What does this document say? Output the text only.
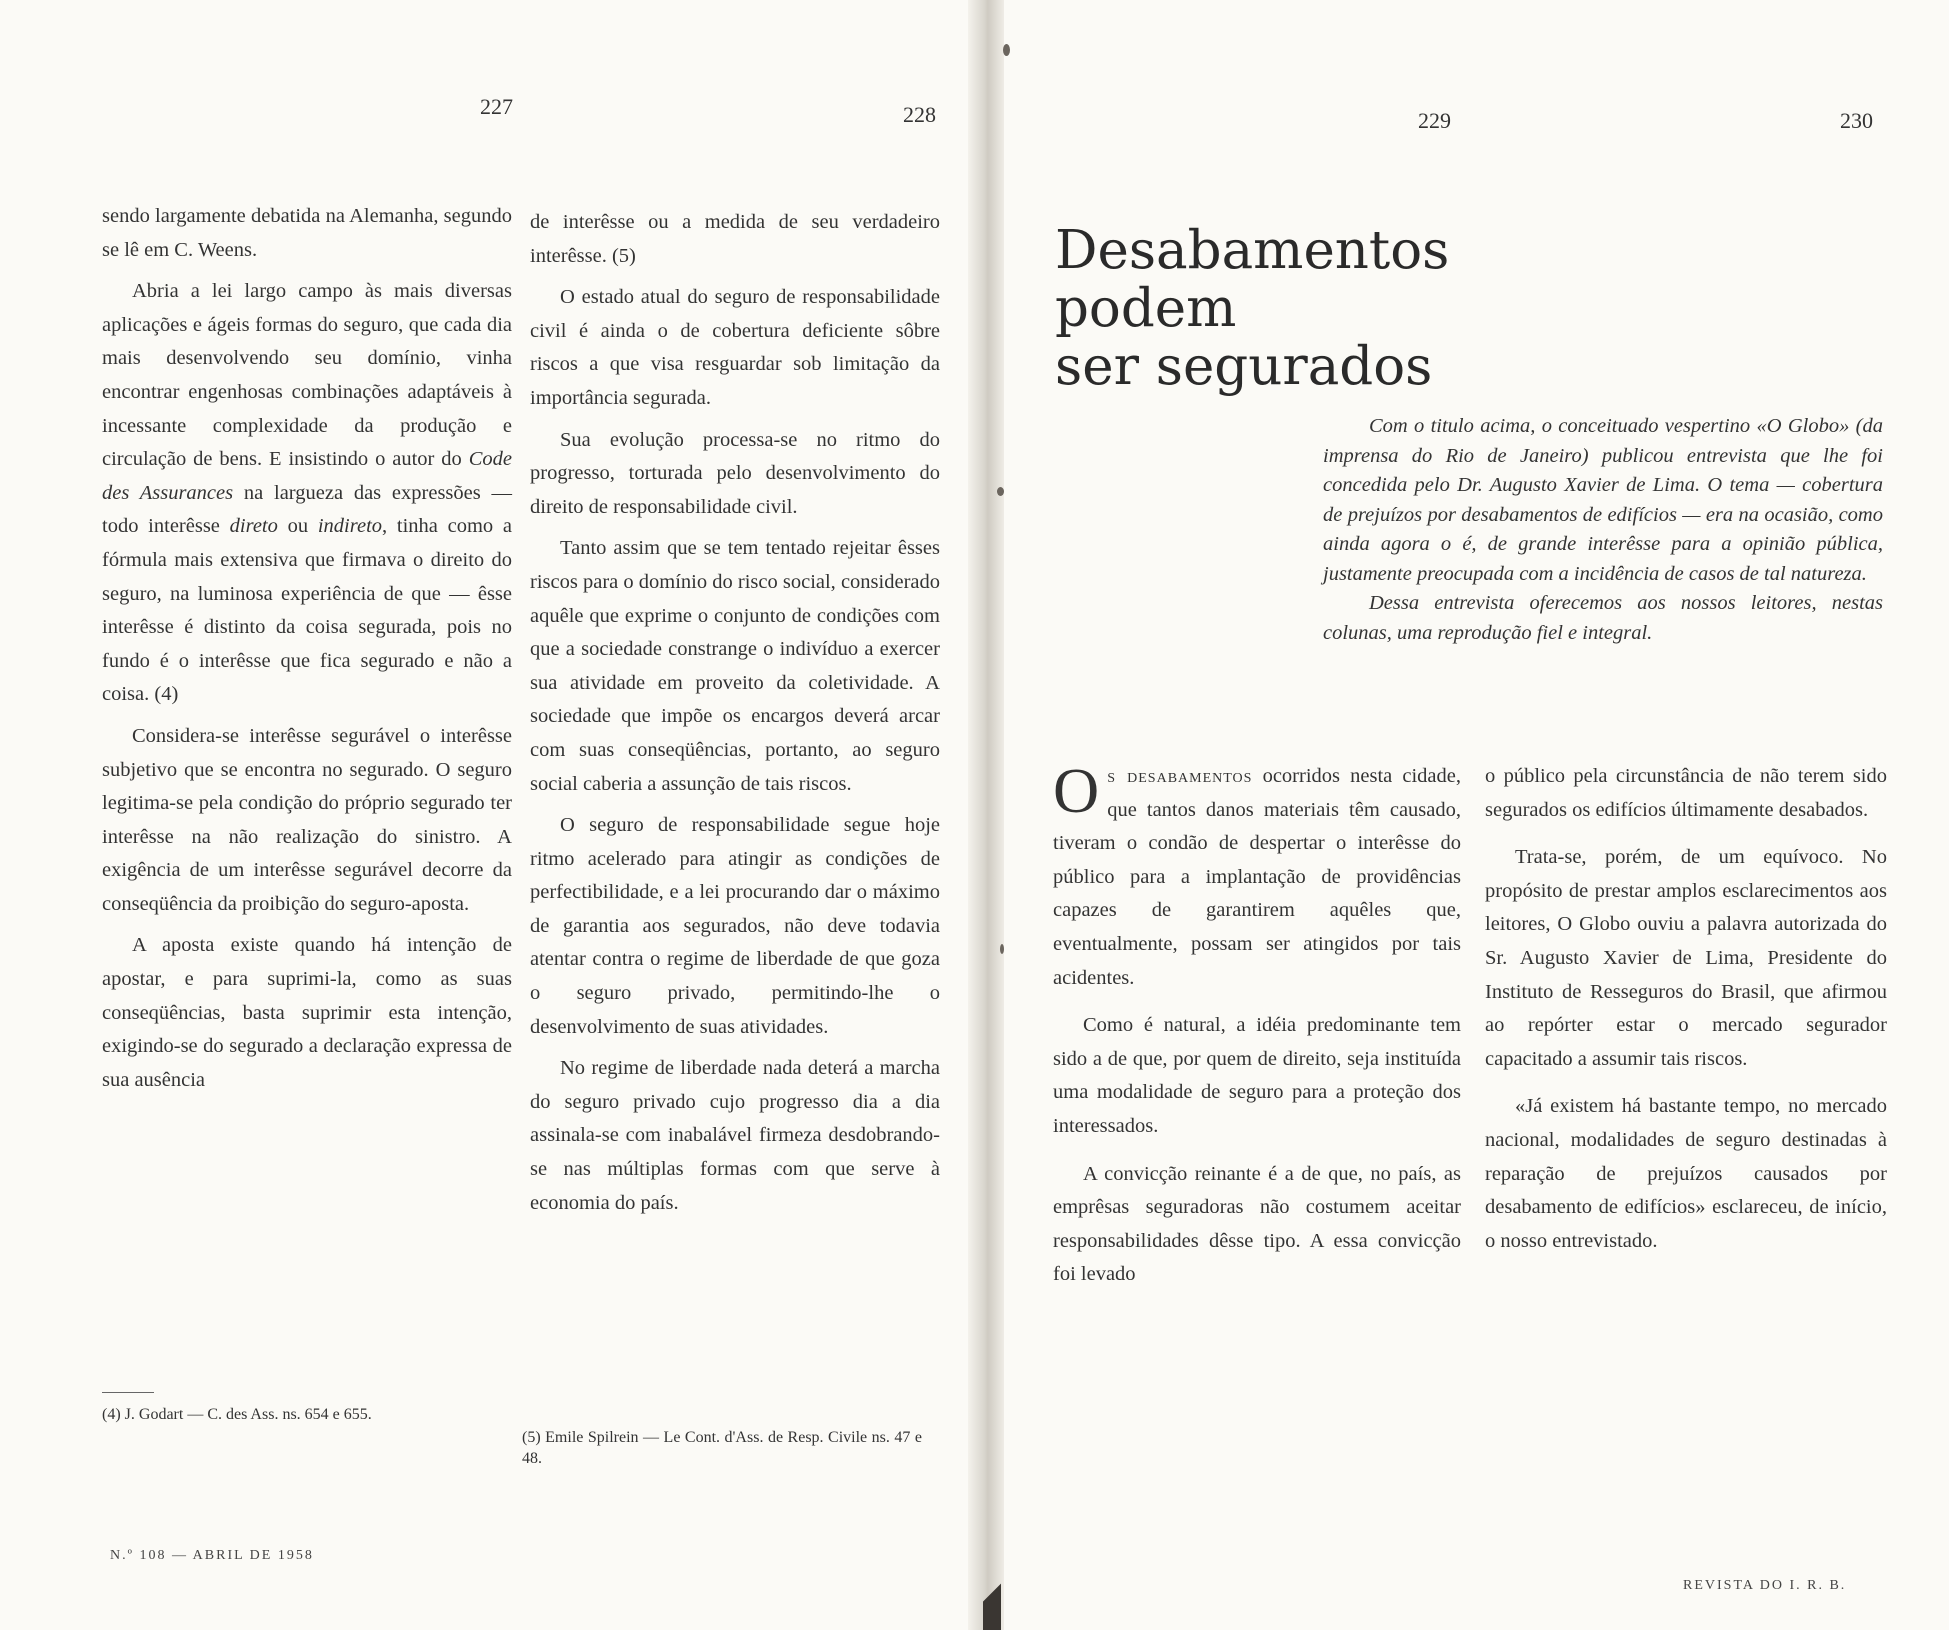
227	228	229	230

sendo largamente debatida na Alemanha, segundo se lê em C. Weens.

Abria a lei largo campo às mais diversas aplicações e ágeis formas do seguro, que cada dia mais desenvolvendo seu domínio, vinha encontrar engenhosas combinações adaptáveis à incessante complexidade da produção e circulação de bens. E insistindo o autor do Code des Assurances na largueza das expressões — todo interêsse direto ou indireto, tinha como a fórmula mais extensiva que firmava o direito do seguro, na luminosa experiência de que — êsse interêsse é distinto da coisa segurada, pois no fundo é o interêsse que fica segurado e não a coisa. (4)

Considera-se interêsse segurável o interêsse subjetivo que se encontra no segurado. O seguro legitima-se pela condição do próprio segurado ter interêsse na não realização do sinistro. A exigência de um interêsse segurável decorre da conseqüência da proibição do seguro-aposta.

A aposta existe quando há intenção de apostar, e para suprimi-la, como as suas conseqüências, basta suprimir esta intenção, exigindo-se do segurado a declaração expressa de sua ausência

(4) J. Godart — C. des Ass. ns. 654 e 655.

de interêsse ou a medida de seu verdadeiro interêsse. (5)

O estado atual do seguro de responsabilidade civil é ainda o de cobertura deficiente sôbre riscos a que visa resguardar sob limitação da importância segurada.

Sua evolução processa-se no ritmo do progresso, torturada pelo desenvolvimento do direito de responsabilidade civil.

Tanto assim que se tem tentado rejeitar êsses riscos para o domínio do risco social, considerado aquêle que exprime o conjunto de condições com que a sociedade constrange o indivíduo a exercer sua atividade em proveito da coletividade. A sociedade que impõe os encargos deverá arcar com suas conseqüências, portanto, ao seguro social caberia a assunção de tais riscos.

O seguro de responsabilidade segue hoje ritmo acelerado para atingir as condições de perfectibilidade, e a lei procurando dar o máximo de garantia aos segurados, não deve todavia atentar contra o regime de liberdade de que goza o seguro privado, permitindo-lhe o desenvolvimento de suas atividades.

No regime de liberdade nada deterá a marcha do seguro privado cujo progresso dia a dia assinala-se com inabalável firmeza desdobrando-se nas múltiplas formas com que serve à economia do país.

(5) Emile Spilrein — Le Cont. d'Ass. de Resp. Civile ns. 47 e 48.
Desabamentos podem
ser segurados

Com o titulo acima, o conceituado vespertino «O Globo» (da imprensa do Rio de Janeiro) publicou entrevista que lhe foi concedida pelo Dr. Augusto Xavier de Lima. O tema — cobertura de prejuízos por desabamentos de edifícios — era na ocasião, como ainda agora o é, de grande interêsse para a opinião pública, justamente preocupada com a incidência de casos de tal natureza.

Dessa entrevista oferecemos aos nossos leitores, nestas colunas, uma reprodução fiel e integral.

Os desabamentos ocorridos nesta cidade, que tantos danos materiais têm causado, tiveram o condão de despertar o interêsse do público para a implantação de providências capazes de garantirem aquêles que, eventualmente, possam ser atingidos por tais acidentes.

Como é natural, a idéia predominante tem sido a de que, por quem de direito, seja instituída uma modalidade de seguro para a proteção dos interessados.

A convicção reinante é a de que, no país, as emprêsas seguradoras não costumem aceitar responsabilidades dêsse tipo. A essa convicção foi levado

o público pela circunstância de não terem sido segurados os edifícios últimamente desabados.

Trata-se, porém, de um equívoco. No propósito de prestar amplos esclarecimentos aos leitores, O Globo ouviu a palavra autorizada do Sr. Augusto Xavier de Lima, Presidente do Instituto de Resseguros do Brasil, que afirmou ao repórter estar o mercado segurador capacitado a assumir tais riscos.

«Já existem há bastante tempo, no mercado nacional, modalidades de seguro destinadas à reparação de prejuízos causados por desabamento de edifícios» esclareceu, de início, o nosso entrevistado.

N.º 108 — ABRIL DE 1958
REVISTA DO I. R. B.
